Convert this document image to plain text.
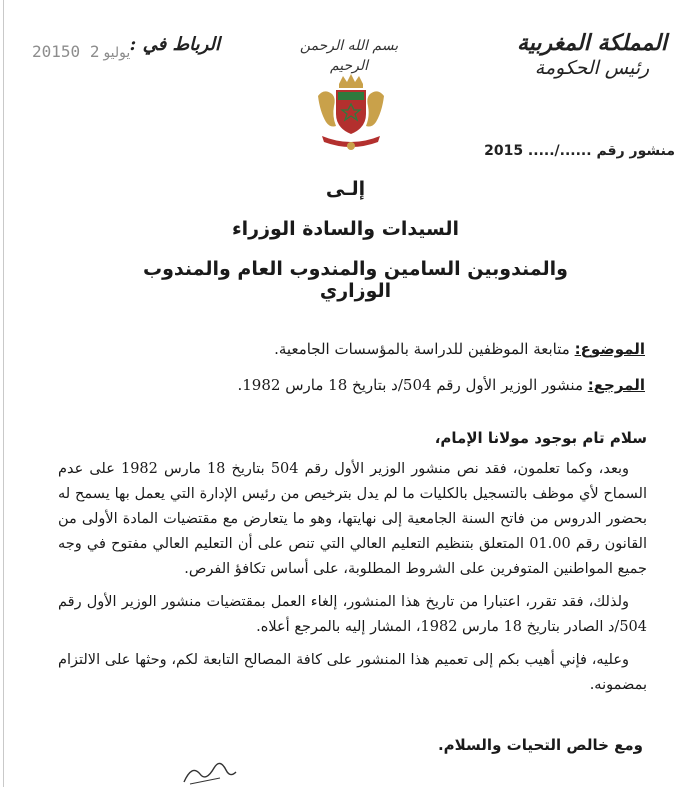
المملكة المغربية
رئيس الحكومة
بسم الله الرحمن الرحيم
الرباط في :
2015 يوليو2 0
منشور رقم ....../..... 2015
إلـى
السيدات والسادة الوزراء
والمندوبين السامين والمندوب العام والمندوب الوزاري
الموضوع: متابعة الموظفين للدراسة بالمؤسسات الجامعية.
المرجع: منشور الوزير الأول رقم 504/د بتاريخ 18 مارس 1982.

سلام تام بوجود مولانا الإمام،

وبعد، وكما تعلمون، فقد نص منشور الوزير الأول رقم 504 بتاريخ 18 مارس 1982 على عدم السماح لأي موظف بالتسجيل بالكليات ما لم يدل بترخيص من رئيس الإدارة التي يعمل بها يسمح له بحضور الدروس من فاتح السنة الجامعية إلى نهايتها، وهو ما يتعارض مع مقتضيات المادة الأولى من القانون رقم 01.00 المتعلق بتنظيم التعليم العالي التي تنص على أن التعليم العالي مفتوح في وجه جميع المواطنين المتوفرين على الشروط المطلوبة، على أساس تكافؤ الفرص.

ولذلك، فقد تقرر، اعتبارا من تاريخ هذا المنشور، إلغاء العمل بمقتضيات منشور الوزير الأول رقم 504/د الصادر بتاريخ 18 مارس 1982، المشار إليه بالمرجع أعلاه.

وعليه، فإني أهيب بكم إلى تعميم هذا المنشور على كافة المصالح التابعة لكم، وحثها على الالتزام بمضمونه.

ومع خالص التحيات والسلام.
